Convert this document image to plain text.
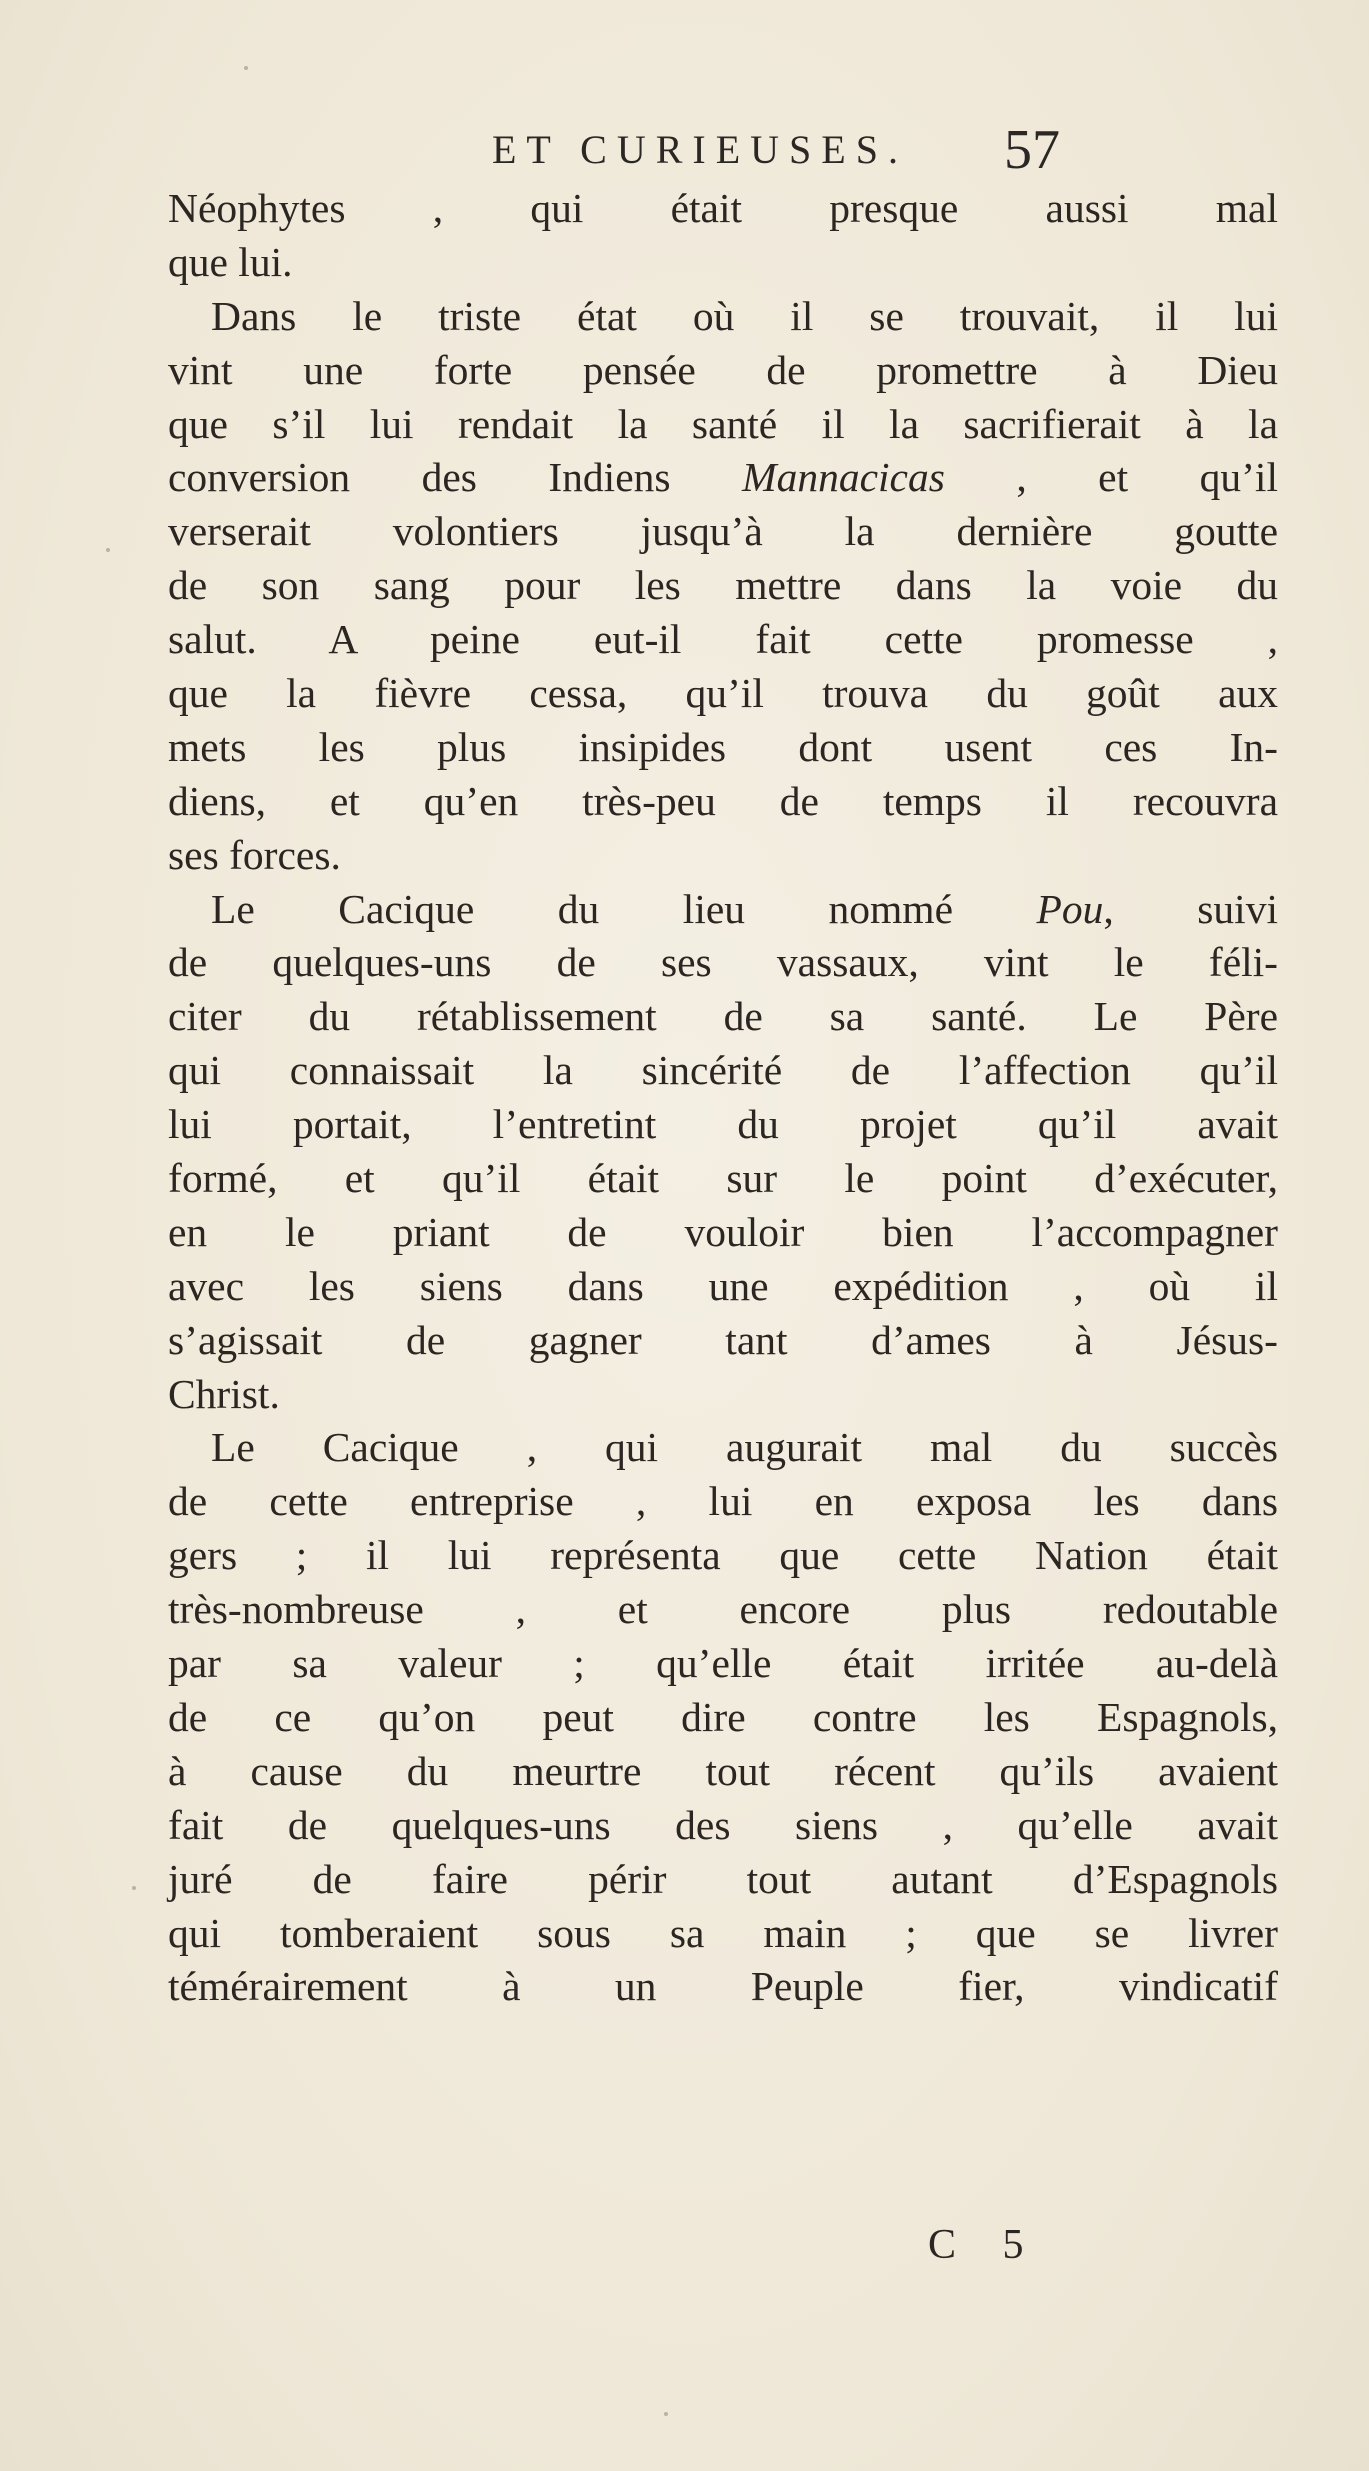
ET CURIEUSES. 57
Néophytes , qui était presque aussi mal
que lui.
Dans le triste état où il se trouvait, il lui
vint une forte pensée de promettre à Dieu
que s’il lui rendait la santé il la sacrifierait à la
conversion des Indiens Mannacicas , et qu’il
verserait volontiers jusqu’à la dernière goutte
de son sang pour les mettre dans la voie du
salut. A peine eut-il fait cette promesse ,
que la fièvre cessa, qu’il trouva du goût aux
mets les plus insipides dont usent ces In-
diens, et qu’en très-peu de temps il recouvra
ses forces.
Le Cacique du lieu nommé Pou, suivi
de quelques-uns de ses vassaux, vint le féli-
citer du rétablissement de sa santé. Le Père
qui connaissait la sincérité de l’affection qu’il
lui portait, l’entretint du projet qu’il avait
formé, et qu’il était sur le point d’exécuter,
en le priant de vouloir bien l’accompagner
avec les siens dans une expédition , où il
s’agissait de gagner tant d’ames à Jésus-
Christ.
Le Cacique , qui augurait mal du succès
de cette entreprise , lui en exposa les dans
gers ; il lui représenta que cette Nation était
très-nombreuse , et encore plus redoutable
par sa valeur ; qu’elle était irritée au-delà
de ce qu’on peut dire contre les Espagnols,
à cause du meurtre tout récent qu’ils avaient
fait de quelques-uns des siens , qu’elle avait
juré de faire périr tout autant d’Espagnols
qui tomberaient sous sa main ; que se livrer
témérairement à un Peuple fier, vindicatif
C 5
